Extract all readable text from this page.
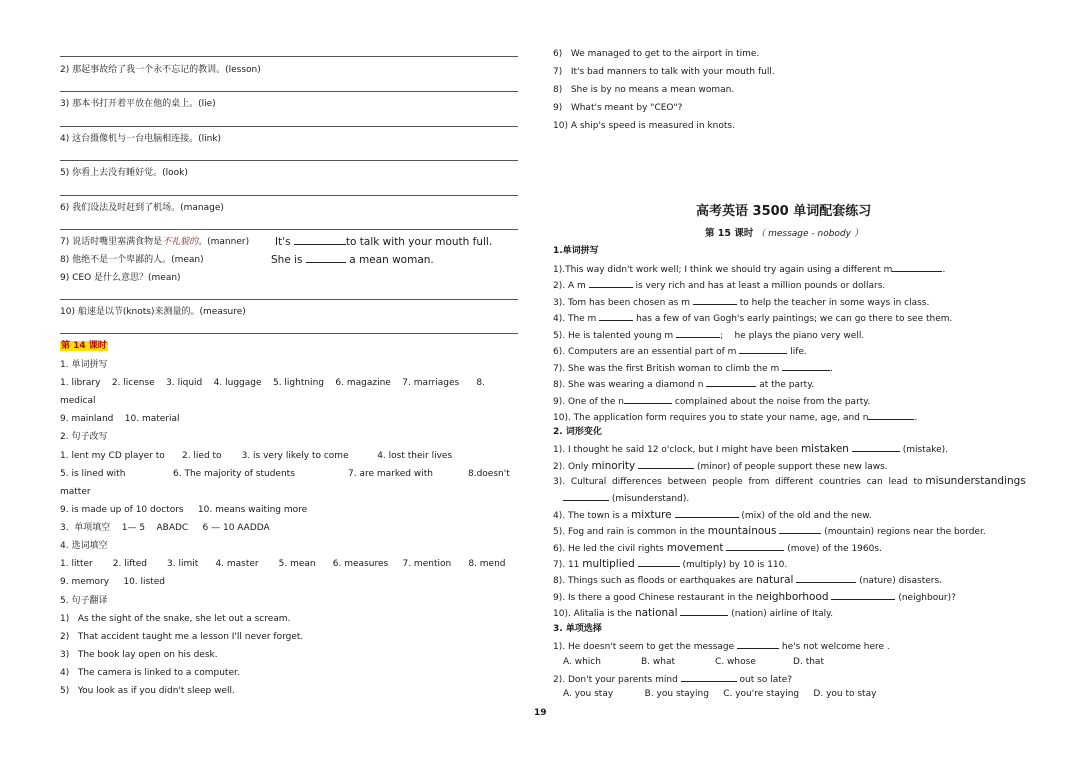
2) 那起事故给了我一个永不忘记的教训。(lesson)
3) 那本书打开着平放在他的桌上。(lie)
4) 这台摄像机与一台电脑相连接。(link)
5) 你看上去没有睡好觉。(look)
6) 我们设法及时赶到了机场。(manage)
7) 说话时嘴里塞满食物是不礼貌的。(manner) It's	to talk with your mouth full.
8) 他绝不是一个卑鄙的人。(mean)	She is	a mean woman.
9) CEO 是什么意思？(mean)
10) 船速是以节(knots)来测量的。(measure)
第 14 课时
1. 单词拼写
1. library    2. license    3. liquid    4. luggage    5. lightning    6. magazine    7. marriages      8.
medical
9. mainland    10. material
2. 句子改写
1. lent my CD player to      2. lied to       3. is very likely to come          4. lost their lives
5. is lined with	6. The majority of students	7. are marked with	8.doesn't
matter
9. is made up of 10 doctors     10. means waiting more
3.  单项填空    1— 5    ABADC     6 — 10 AADDA
4. 选词填空
1. litter       2. lifted       3. limit      4. master       5. mean      6. measures     7. mention      8. mend
9. memory     10. listed
5. 句子翻译
1)   As the sight of the snake, she let out a scream.
2)   That accident taught me a lesson I'll never forget.
3)   The book lay open on his desk.
4)   The camera is linked to a computer.
5)   You look as if you didn't sleep well.
6)   We managed to get to the airport in time.
7)   It's bad manners to talk with your mouth full.
8)   She is by no means a mean woman.
9)   What's meant by "CEO"?
10) A ship's speed is measured in knots.
高考英语 3500 单词配套练习
第 15 课时 （ message - nobody ）
1.单词拼写
1).This way didn't work well; I think we should try again using a different m	.
2). A m	is very rich and has at least a million pounds or dollars.
3). Tom has been chosen as m	to help the teacher in some ways in class.
4). The m	has a few of van Gogh's early paintings; we can go there to see them.
5). He is talented young m	;    he plays the piano very well.
6). Computers are an essential part of m	life.
7). She was the first British woman to climb the m	.
8). She was wearing a diamond n	at the party.
9). One of the n	complained about the noise from the party.
10). The application form requires you to state your name, age, and n	.
2. 词形变化
1). I thought he said 12 o'clock, but I might have been mistaken	(mistake).
2). Only minority	(minor) of people support these new laws.
3).  Cultural  differences  between  people  from  different  countries  can  lead  to misunderstandings
(misunderstand).
4). The town is a mixture	(mix) of the old and the new.
5). Fog and rain is common in the mountainous	(mountain) regions near the border.
6). He led the civil rights movement	(move) of the 1960s.
7). 11 multiplied	(multiply) by 10 is 110.
8). Things such as floods or earthquakes are natural	(nature) disasters.
9). Is there a good Chinese restaurant in the neighborhood	(neighbour)?
10). Alitalia is the national	(nation) airline of Italy.
3. 单项选择
1). He doesn't seem to get the message	he's not welcome here .
A. which              B. what              C. whose             D. that
2). Don't your parents mind	out so late?
A. you stay           B. you staying     C. you're staying     D. you to stay
19
